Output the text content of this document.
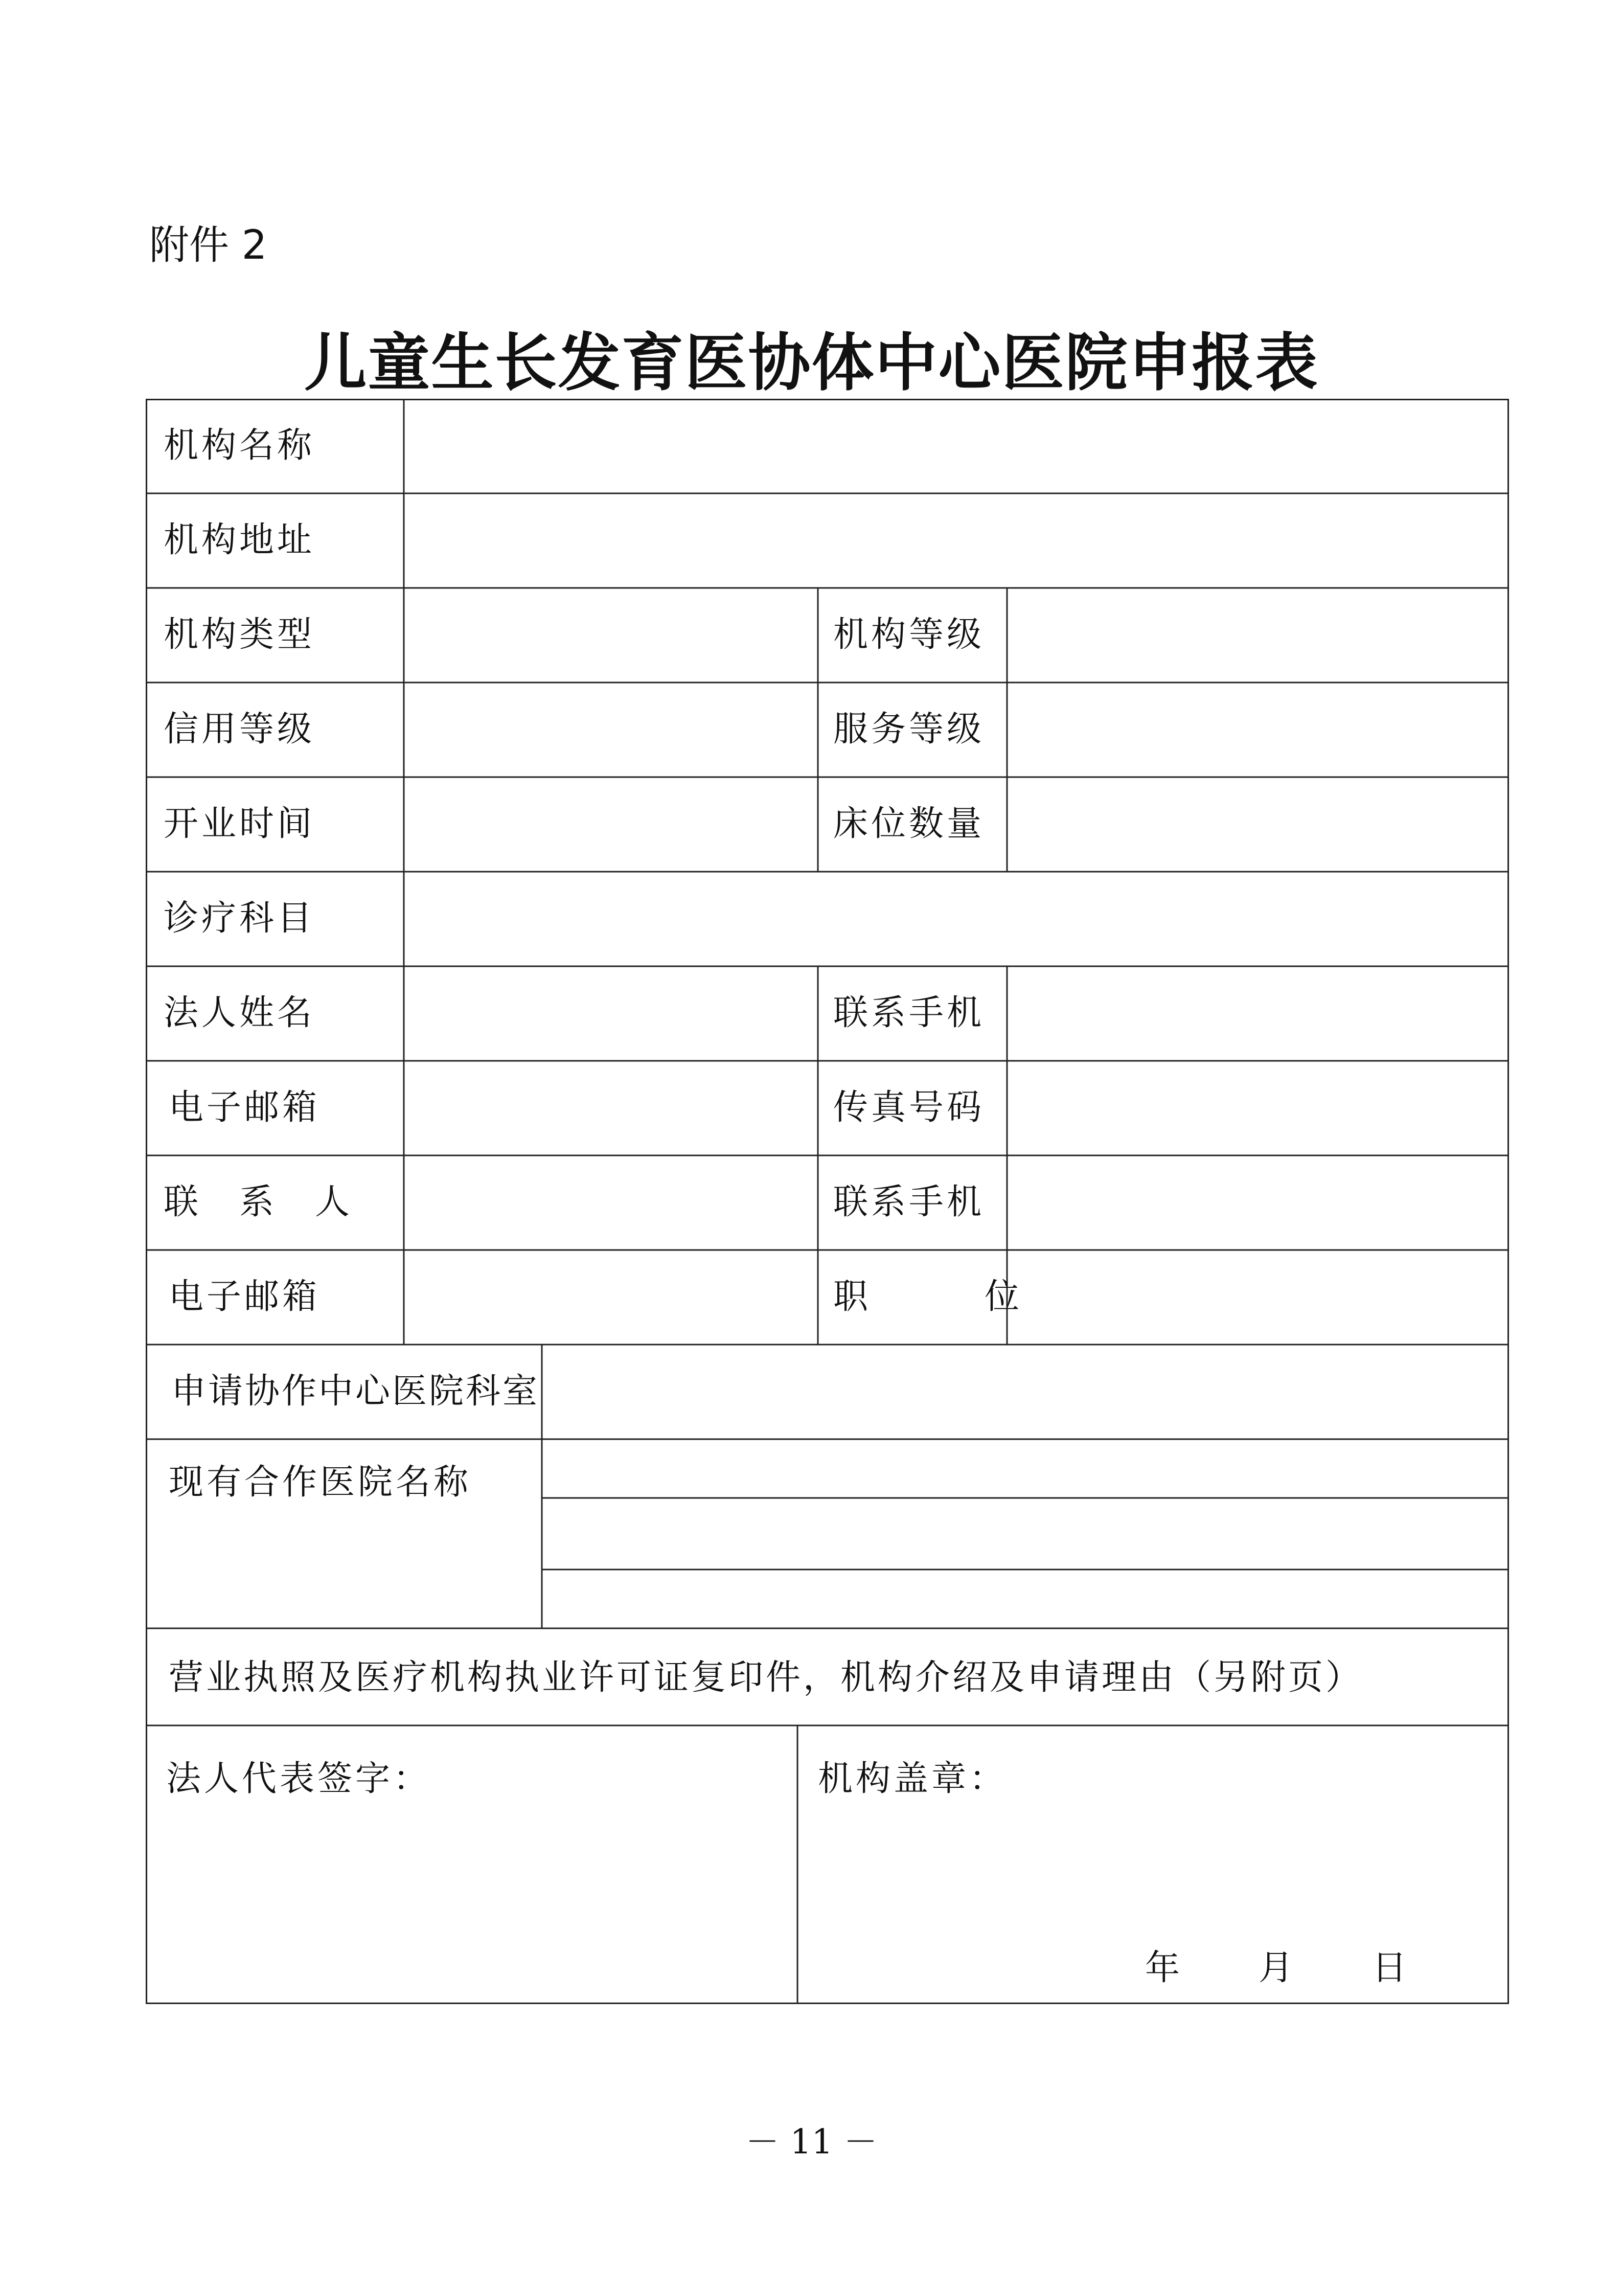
附件 2
儿童生长发育医协体中心医院申报表
机构名称
机构地址
机构类型	机构等级
信用等级	服务等级
开业时间	床位数量
诊疗科目
法人姓名	联系手机
电子邮箱	传真号码
联　系　人	联系手机
电子邮箱	职　　　位
申请协作中心医院科室
现有合作医院名称
营业执照及医疗机构执业许可证复印件，机构介绍及申请理由（另附页）
法人代表签字：	机构盖章：
年　　月　　日
－ 11 －
